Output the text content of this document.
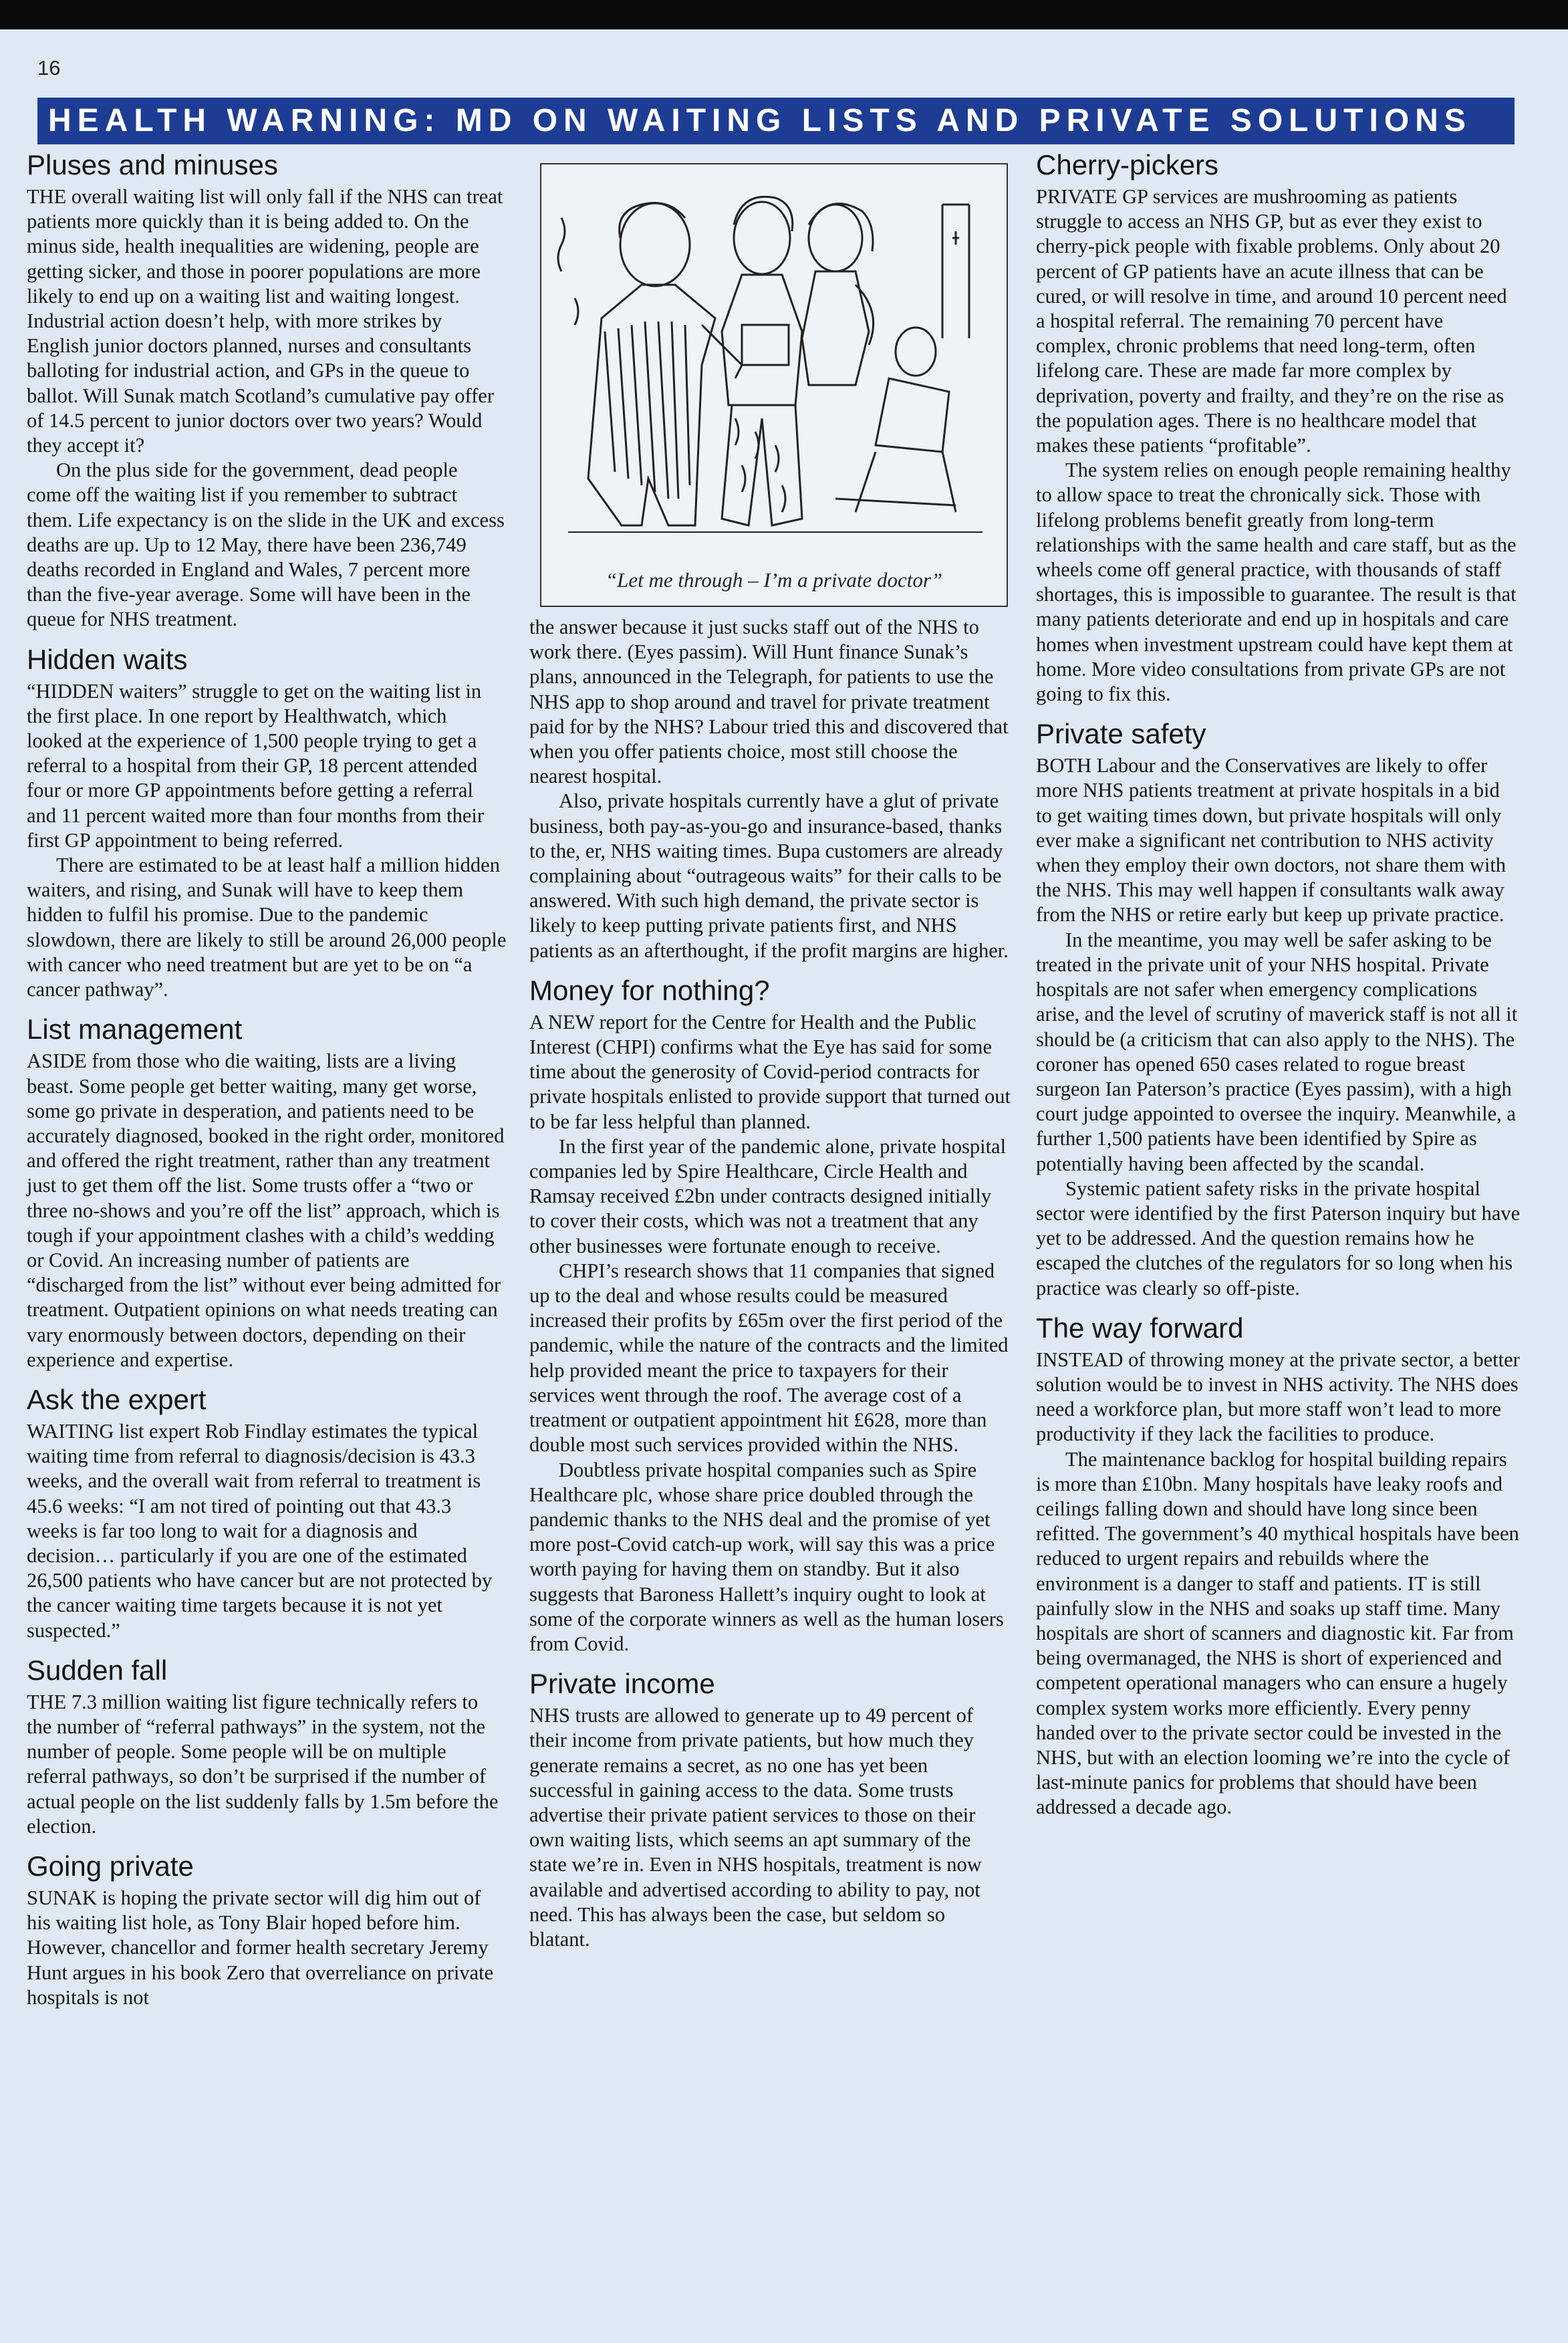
16
HEALTH WARNING: MD ON WAITING LISTS AND PRIVATE SOLUTIONS
Pluses and minuses

THE overall waiting list will only fall if the NHS can treat patients more quickly than it is being added to. On the minus side, health inequalities are widening, people are getting sicker, and those in poorer populations are more likely to end up on a waiting list and waiting longest. Industrial action doesn’t help, with more strikes by English junior doctors planned, nurses and consultants balloting for industrial action, and GPs in the queue to ballot. Will Sunak match Scotland’s cumulative pay offer of 14.5 percent to junior doctors over two years? Would they accept it?

On the plus side for the government, dead people come off the waiting list if you remember to subtract them. Life expectancy is on the slide in the UK and excess deaths are up. Up to 12 May, there have been 236,749 deaths recorded in England and Wales, 7 percent more than the five-year average. Some will have been in the queue for NHS treatment.

Hidden waits

“HIDDEN waiters” struggle to get on the waiting list in the first place. In one report by Healthwatch, which looked at the experience of 1,500 people trying to get a referral to a hospital from their GP, 18 percent attended four or more GP appointments before getting a referral and 11 percent waited more than four months from their first GP appointment to being referred.

There are estimated to be at least half a million hidden waiters, and rising, and Sunak will have to keep them hidden to fulfil his promise. Due to the pandemic slowdown, there are likely to still be around 26,000 people with cancer who need treatment but are yet to be on “a cancer pathway”.

List management

ASIDE from those who die waiting, lists are a living beast. Some people get better waiting, many get worse, some go private in desperation, and patients need to be accurately diagnosed, booked in the right order, monitored and offered the right treatment, rather than any treatment just to get them off the list. Some trusts offer a “two or three no-shows and you’re off the list” approach, which is tough if your appointment clashes with a child’s wedding or Covid. An increasing number of patients are “discharged from the list” without ever being admitted for treatment. Outpatient opinions on what needs treating can vary enormously between doctors, depending on their experience and expertise.

Ask the expert

WAITING list expert Rob Findlay estimates the typical waiting time from referral to diagnosis/decision is 43.3 weeks, and the overall wait from referral to treatment is 45.6 weeks: “I am not tired of pointing out that 43.3 weeks is far too long to wait for a diagnosis and decision… particularly if you are one of the estimated 26,500 patients who have cancer but are not protected by the cancer waiting time targets because it is not yet suspected.”

Sudden fall

THE 7.3 million waiting list figure technically refers to the number of “referral pathways” in the system, not the number of people. Some people will be on multiple referral pathways, so don’t be surprised if the number of actual people on the list suddenly falls by 1.5m before the election.

Going private

SUNAK is hoping the private sector will dig him out of his waiting list hole, as Tony Blair hoped before him. However, chancellor and former health secretary Jeremy Hunt argues in his book Zero that overreliance on private hospitals is not

“Let me through – I’m a private doctor”

the answer because it just sucks staff out of the NHS to work there. (Eyes passim). Will Hunt finance Sunak’s plans, announced in the Telegraph, for patients to use the NHS app to shop around and travel for private treatment paid for by the NHS? Labour tried this and discovered that when you offer patients choice, most still choose the nearest hospital.

Also, private hospitals currently have a glut of private business, both pay-as-you-go and insurance-based, thanks to the, er, NHS waiting times. Bupa customers are already complaining about “outrageous waits” for their calls to be answered. With such high demand, the private sector is likely to keep putting private patients first, and NHS patients as an afterthought, if the profit margins are higher.

Money for nothing?

A NEW report for the Centre for Health and the Public Interest (CHPI) confirms what the Eye has said for some time about the generosity of Covid-period contracts for private hospitals enlisted to provide support that turned out to be far less helpful than planned.

In the first year of the pandemic alone, private hospital companies led by Spire Healthcare, Circle Health and Ramsay received £2bn under contracts designed initially to cover their costs, which was not a treatment that any other businesses were fortunate enough to receive.

CHPI’s research shows that 11 companies that signed up to the deal and whose results could be measured increased their profits by £65m over the first period of the pandemic, while the nature of the contracts and the limited help provided meant the price to taxpayers for their services went through the roof. The average cost of a treatment or outpatient appointment hit £628, more than double most such services provided within the NHS.

Doubtless private hospital companies such as Spire Healthcare plc, whose share price doubled through the pandemic thanks to the NHS deal and the promise of yet more post-Covid catch-up work, will say this was a price worth paying for having them on standby. But it also suggests that Baroness Hallett’s inquiry ought to look at some of the corporate winners as well as the human losers from Covid.

Private income

NHS trusts are allowed to generate up to 49 percent of their income from private patients, but how much they generate remains a secret, as no one has yet been successful in gaining access to the data. Some trusts advertise their private patient services to those on their own waiting lists, which seems an apt summary of the state we’re in. Even in NHS hospitals, treatment is now available and advertised according to ability to pay, not need. This has always been the case, but seldom so blatant.

Cherry-pickers

PRIVATE GP services are mushrooming as patients struggle to access an NHS GP, but as ever they exist to cherry-pick people with fixable problems. Only about 20 percent of GP patients have an acute illness that can be cured, or will resolve in time, and around 10 percent need a hospital referral. The remaining 70 percent have complex, chronic problems that need long-term, often lifelong care. These are made far more complex by deprivation, poverty and frailty, and they’re on the rise as the population ages. There is no healthcare model that makes these patients “profitable”.

The system relies on enough people remaining healthy to allow space to treat the chronically sick. Those with lifelong problems benefit greatly from long-term relationships with the same health and care staff, but as the wheels come off general practice, with thousands of staff shortages, this is impossible to guarantee. The result is that many patients deteriorate and end up in hospitals and care homes when investment upstream could have kept them at home. More video consultations from private GPs are not going to fix this.

Private safety

BOTH Labour and the Conservatives are likely to offer more NHS patients treatment at private hospitals in a bid to get waiting times down, but private hospitals will only ever make a significant net contribution to NHS activity when they employ their own doctors, not share them with the NHS. This may well happen if consultants walk away from the NHS or retire early but keep up private practice.

In the meantime, you may well be safer asking to be treated in the private unit of your NHS hospital. Private hospitals are not safer when emergency complications arise, and the level of scrutiny of maverick staff is not all it should be (a criticism that can also apply to the NHS). The coroner has opened 650 cases related to rogue breast surgeon Ian Paterson’s practice (Eyes passim), with a high court judge appointed to oversee the inquiry. Meanwhile, a further 1,500 patients have been identified by Spire as potentially having been affected by the scandal.

Systemic patient safety risks in the private hospital sector were identified by the first Paterson inquiry but have yet to be addressed. And the question remains how he escaped the clutches of the regulators for so long when his practice was clearly so off-piste.

The way forward

INSTEAD of throwing money at the private sector, a better solution would be to invest in NHS activity. The NHS does need a workforce plan, but more staff won’t lead to more productivity if they lack the facilities to produce.

The maintenance backlog for hospital building repairs is more than £10bn. Many hospitals have leaky roofs and ceilings falling down and should have long since been refitted. The government’s 40 mythical hospitals have been reduced to urgent repairs and rebuilds where the environment is a danger to staff and patients. IT is still painfully slow in the NHS and soaks up staff time. Many hospitals are short of scanners and diagnostic kit. Far from being overmanaged, the NHS is short of experienced and competent operational managers who can ensure a hugely complex system works more efficiently. Every penny handed over to the private sector could be invested in the NHS, but with an election looming we’re into the cycle of last-minute panics for problems that should have been addressed a decade ago.
